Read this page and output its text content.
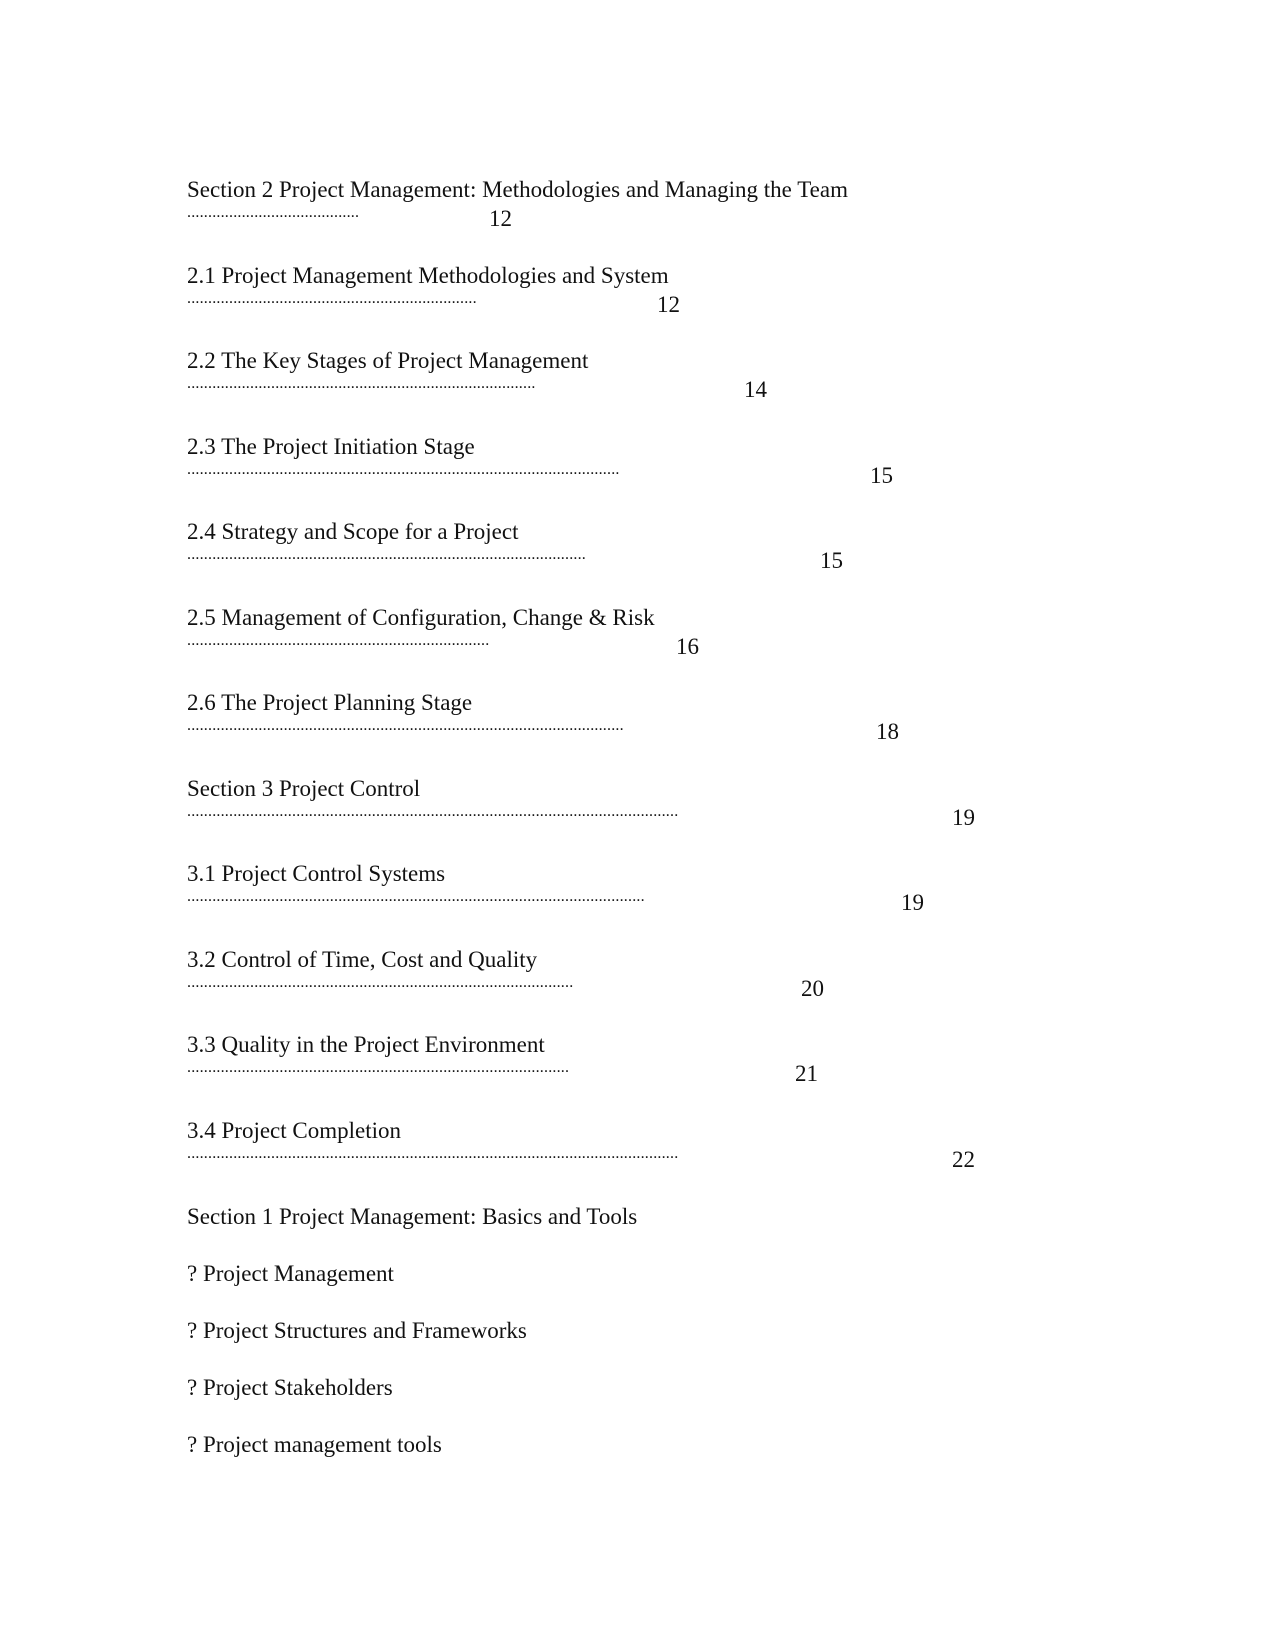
Section 2 Project Management: Methodologies and Managing the Team
.........................................	12
2.1 Project Management Methodologies and System
.....................................................................	12
2.2 The Key Stages of Project Management
...................................................................................	14
2.3 The Project Initiation Stage
.......................................................................................................	15
2.4 Strategy and Scope for a Project
...............................................................................................	15
2.5 Management of Configuration, Change & Risk
........................................................................	16
2.6 The Project Planning Stage
........................................................................................................	18
Section 3 Project Control
.....................................................................................................................	19
3.1 Project Control Systems
.............................................................................................................	19
3.2 Control of Time, Cost and Quality
............................................................................................	20
3.3 Quality in the Project Environment
...........................................................................................	21
3.4 Project Completion
.....................................................................................................................	22
Section 1 Project Management: Basics and Tools
? Project Management
? Project Structures and Frameworks
? Project Stakeholders
? Project management tools
